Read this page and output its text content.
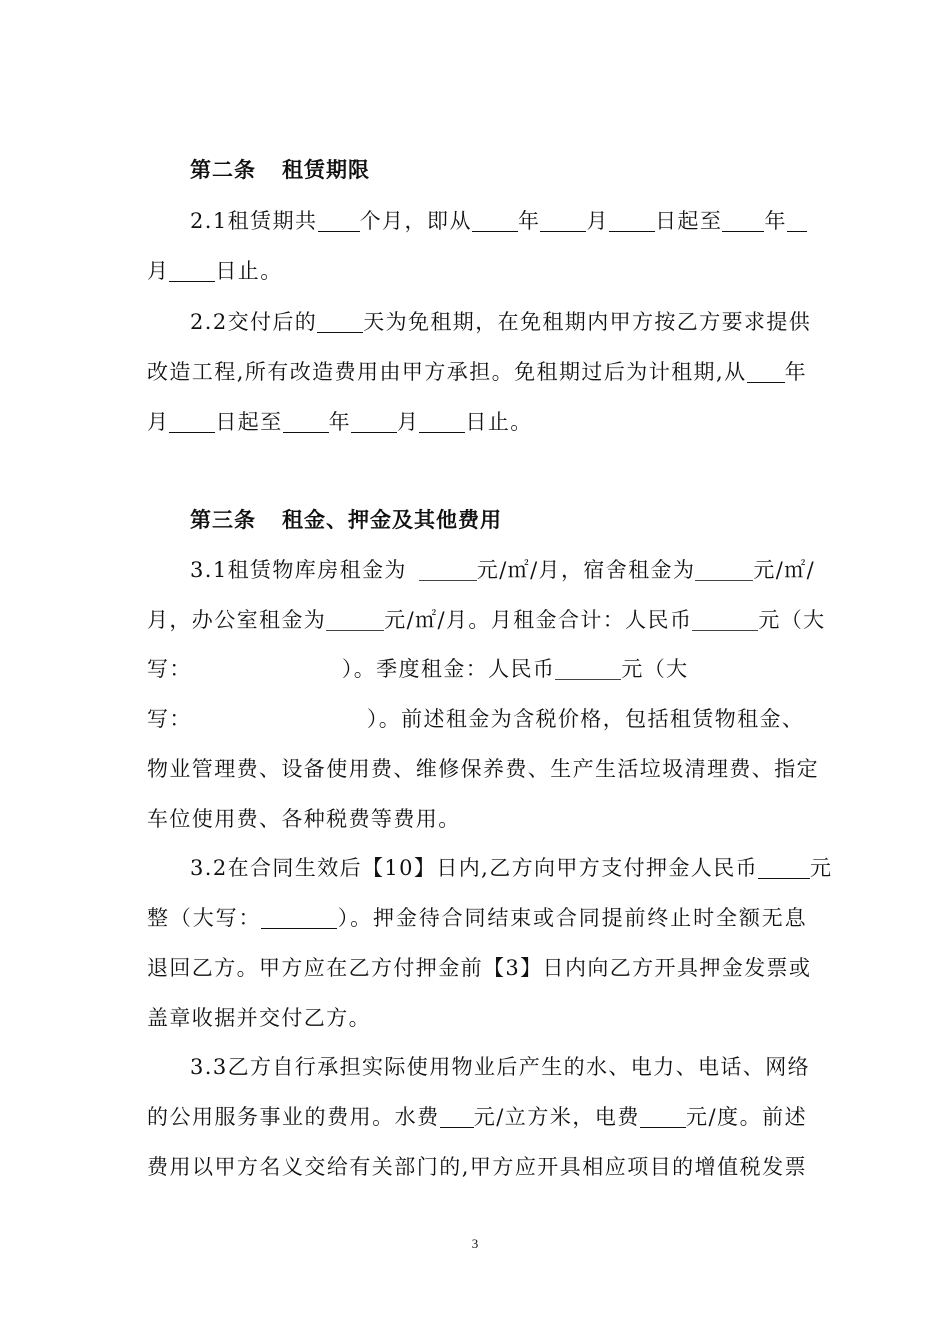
第二条 租赁期限
2.1租赁期共 个月，即从 年 月 日起至 年
月 日止。
2.2交付后的 天为免租期，在免租期内甲方按乙方要求提供
改造工程,所有改造费用由甲方承担。免租期过后为计租期,从 年
月 日起至 年 月 日止。
第三条 租金、押金及其他费用
3.1租赁物库房租金为	元/㎡/月，宿舍租金为	元/㎡/
月，办公室租金为	元/㎡/月。月租金合计：人民币	元（大
写：	）。季度租金：人民币	元（大
写：	）。前述租金为含税价格，包括租赁物租金、
物业管理费、设备使用费、维修保养费、生产生活垃圾清理费、指定
车位使用费、各种税费等费用。
3.2在合同生效后【10】日内,乙方向甲方支付押金人民币 元
整（大写：	）。押金待合同结束或合同提前终止时全额无息
退回乙方。甲方应在乙方付押金前【3】日内向乙方开具押金发票或
盖章收据并交付乙方。
3.3乙方自行承担实际使用物业后产生的水、电力、电话、网络
的公用服务事业的费用。水费 元/立方米，电费 元/度。前述
费用以甲方名义交给有关部门的,甲方应开具相应项目的增值税发票
3
